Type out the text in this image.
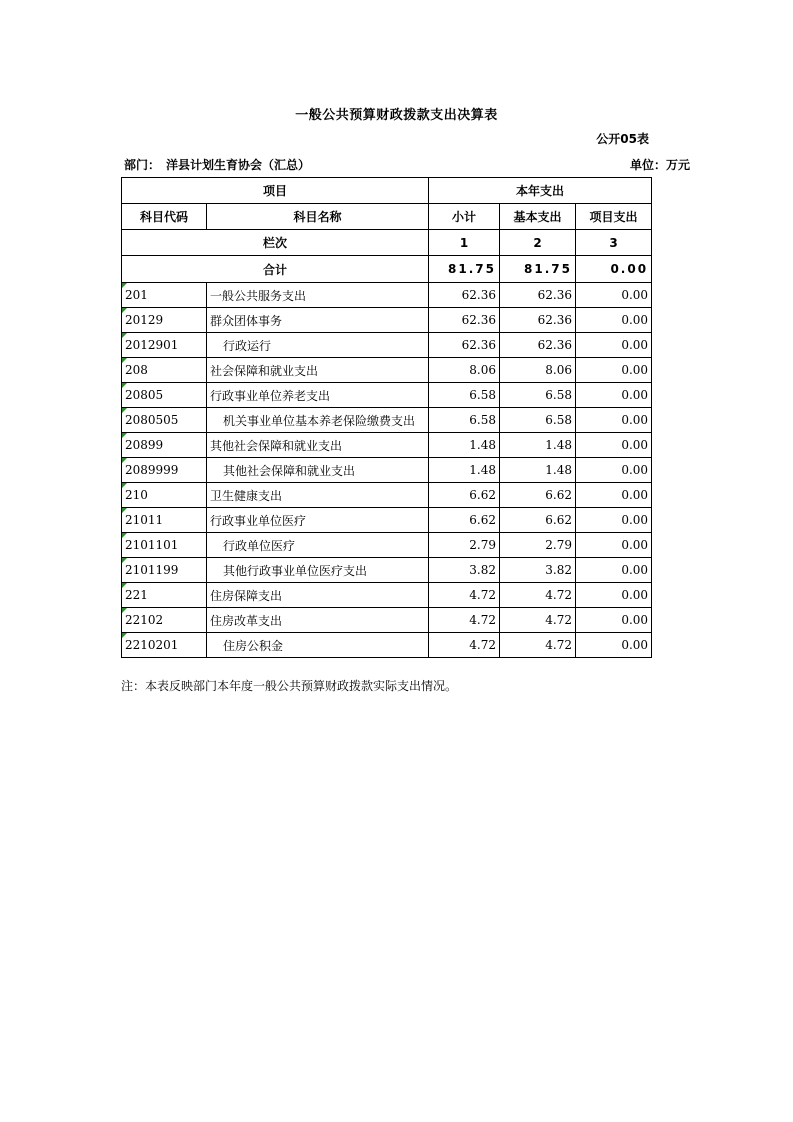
一般公共预算财政拨款支出决算表
公开05表
部门：　洋县计划生育协会（汇总）	单位：万元
项目		本年支出		
科目代码	科目名称	小计	基本支出	项目支出
栏次		1	2	3
合计		81.75	81.75	0.00

201	一般公共服务支出	62.36	62.36	0.00

20129	群众团体事务	62.36	62.36	0.00

2012901	行政运行	62.36	62.36	0.00

208	社会保障和就业支出	8.06	8.06	0.00

20805	行政事业单位养老支出	6.58	6.58	0.00

2080505	机关事业单位基本养老保险缴费支出	6.58	6.58	0.00

20899	其他社会保障和就业支出	1.48	1.48	0.00

2089999	其他社会保障和就业支出	1.48	1.48	0.00

210	卫生健康支出	6.62	6.62	0.00

21011	行政事业单位医疗	6.62	6.62	0.00

2101101	行政单位医疗	2.79	2.79	0.00

2101199	其他行政事业单位医疗支出	3.82	3.82	0.00

221	住房保障支出	4.72	4.72	0.00

22102	住房改革支出	4.72	4.72	0.00

2210201	住房公积金	4.72	4.72	0.00
注：本表反映部门本年度一般公共预算财政拨款实际支出情况。
